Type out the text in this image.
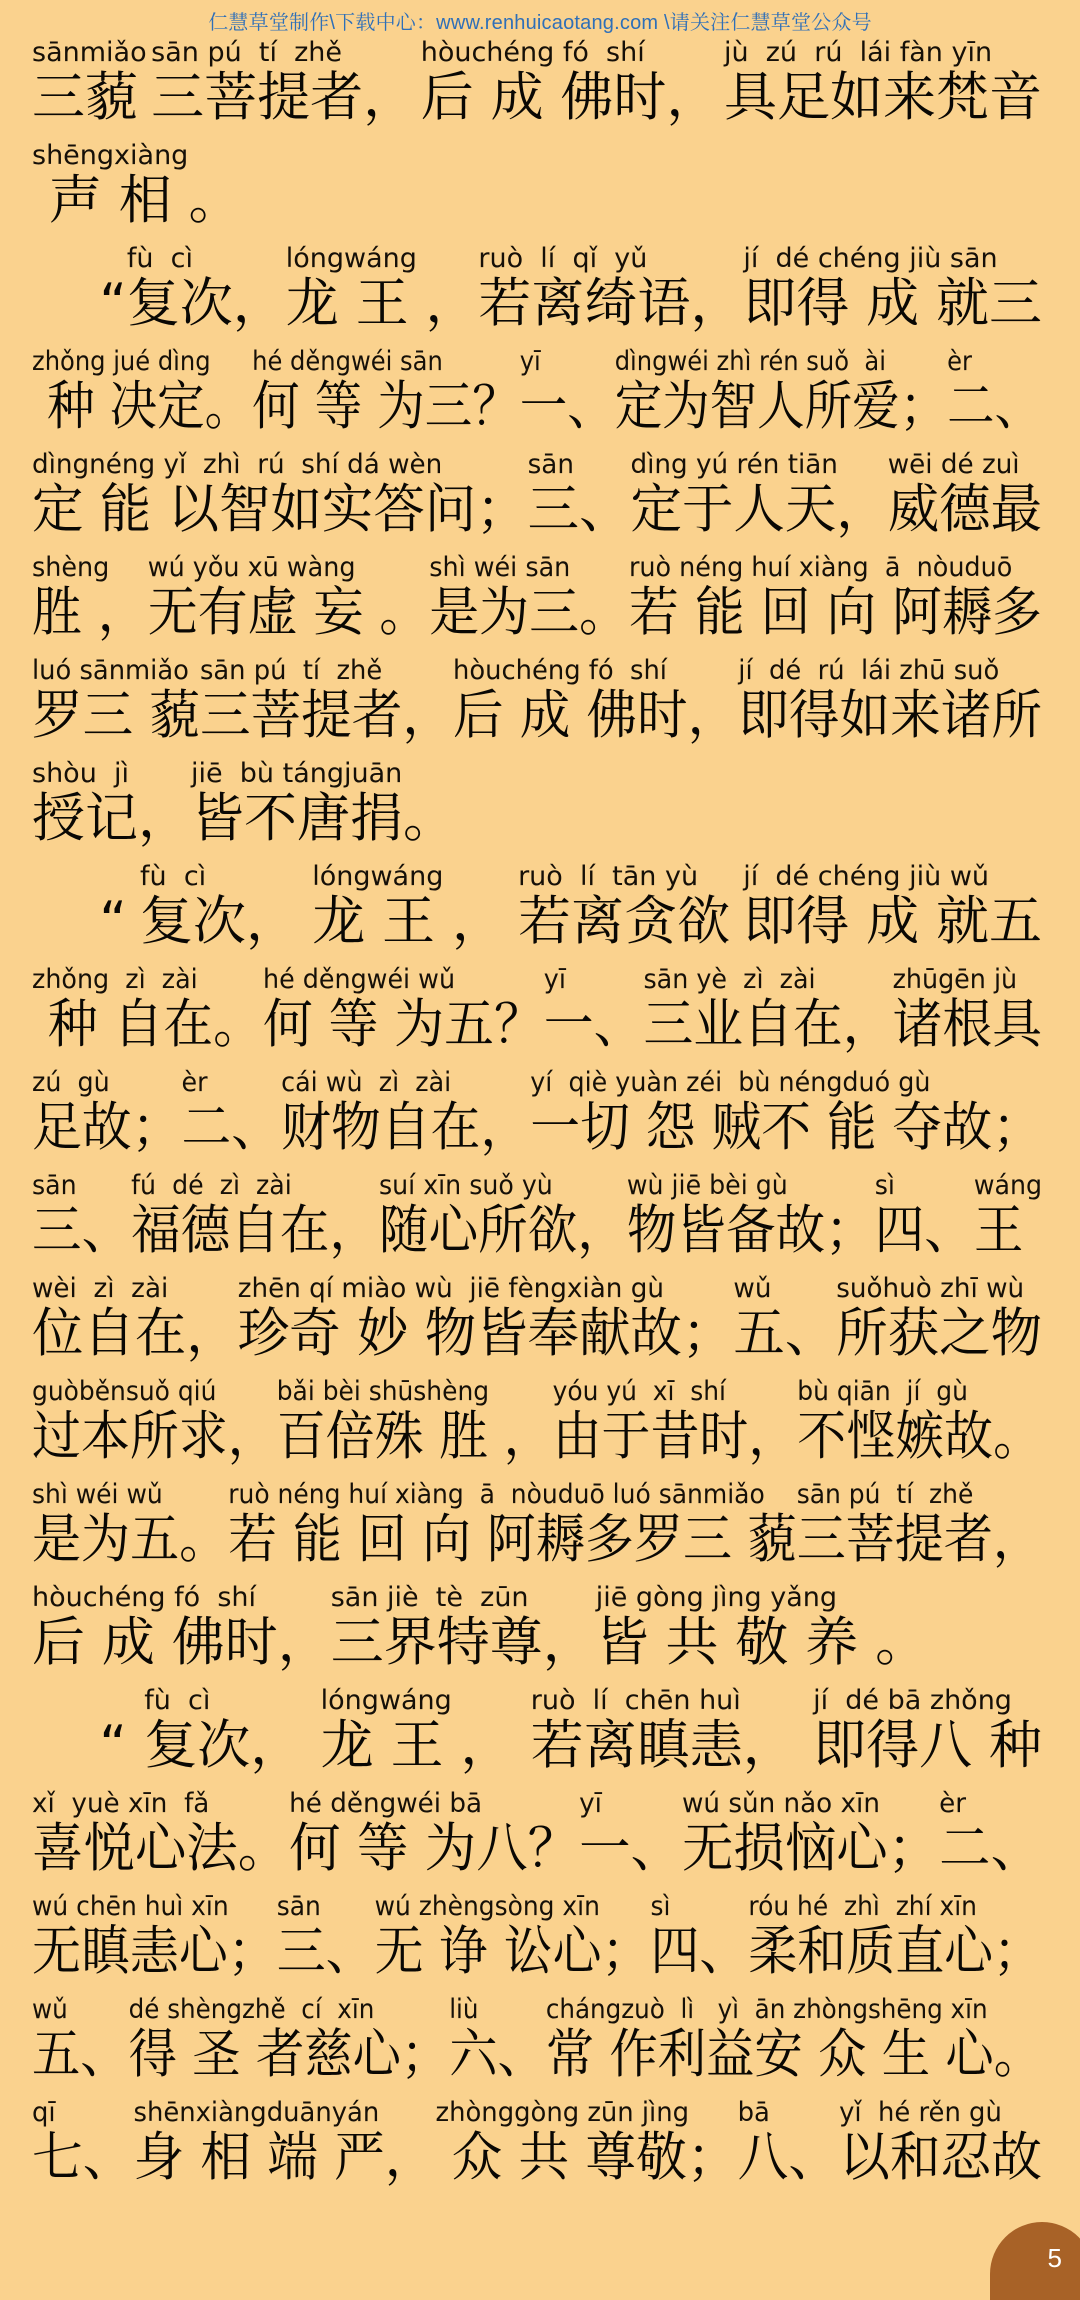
仁慧草堂制作\下载中心：www.renhuicaotang.com \请关注仁慧草堂公众号
sānmiǎo
三藐
sān pú  tí  zhě
三菩提者，
hòuchéng fó  shí
后 成 佛时，
jù  zú  rú  lái fàn yīn
具足如来梵音
shēngxiàng
声 相 。
“
fù  cì
复次，
lóngwáng
龙 王 ，
ruò  lí  qǐ  yǔ
若离绮语，
jí  dé chéng jiù sān
即得 成 就三
zhǒng jué dìng
种 决定。
hé děngwéi sān
何 等 为三？
yī
一、
dìngwéi zhì rén suǒ  ài
定为智人所爱；
èr
二、
dìngnéng yǐ  zhì  rú  shí dá wèn
定 能 以智如实答问；
sān
三、
dìng yú rén tiān
定于人天，
wēi dé zuì
威德最
shèng
胜 ，
wú yǒu xū wàng
无有虚 妄 。
shì wéi sān
是为三。
ruò néng huí xiàng  ā  nòuduō
若 能 回 向 阿耨多
luó sānmiǎo
罗三 藐
sān pú  tí  zhě
三菩提者，
hòuchéng fó  shí
后 成 佛时，
jí  dé  rú  lái zhū suǒ
即得如来诸所
shòu  jì
授记，
jiē  bù tángjuān
皆不唐捐。
“
fù  cì
复次，
lóngwáng
龙 王 ，
ruò  lí  tān yù
若离贪欲
jí  dé chéng jiù wǔ
即得 成 就五
zhǒng  zì  zài
种 自在。
hé děngwéi wǔ
何 等 为五？
yī
一、
sān yè  zì  zài
三业自在，
zhūgēn jù
诸根具
zú  gù
足故；
èr
二、
cái wù  zì  zài
财物自在，
yí  qiè yuàn zéi  bù néngduó gù
一切 怨 贼不 能 夺故；
sān
三、
fú  dé  zì  zài
福德自在，
suí xīn suǒ yù
随心所欲，
wù jiē bèi gù
物皆备故；
sì
四、
wáng
王
wèi  zì  zài
位自在，
zhēn qí miào wù  jiē fèngxiàn gù
珍奇 妙 物皆奉献故；
wǔ
五、
suǒhuò zhī wù
所获之物
guòběnsuǒ qiú
过本所求，
bǎi bèi shūshèng
百倍殊 胜 ，
yóu yú  xī  shí
由于昔时，
bù qiān  jí  gù
不悭嫉故。
shì wéi wǔ
是为五。
ruò néng huí xiàng  ā  nòuduō luó sānmiǎo
若 能 回 向 阿耨多罗三 藐
sān pú  tí  zhě
三菩提者，
hòuchéng fó  shí
后 成 佛时，
sān jiè  tè  zūn
三界特尊，
jiē gòng jìng yǎng
皆 共 敬 养 。
“
fù  cì
复次，
lóngwáng
龙 王 ，
ruò  lí  chēn huì
若离瞋恚，
jí  dé bā zhǒng
即得八 种
xǐ  yuè xīn  fǎ
喜悦心法。
hé děngwéi bā
何 等 为八？
yī
一、
wú sǔn nǎo xīn
无损恼心；
èr
二、
wú chēn huì xīn
无瞋恚心；
sān
三、
wú zhèngsòng xīn
无 诤 讼心；
sì
四、
róu hé  zhì  zhí xīn
柔和质直心；
wǔ
五、
dé shèngzhě  cí  xīn
得 圣 者慈心；
liù
六、
chángzuò  lì   yì  ān zhòngshēng xīn
常 作利益安 众 生 心。
qī
七、
shēnxiàngduānyán
身 相 端 严，
zhònggòng zūn jìng
众 共 尊敬；
bā
八、
yǐ  hé rěn gù
以和忍故
5
